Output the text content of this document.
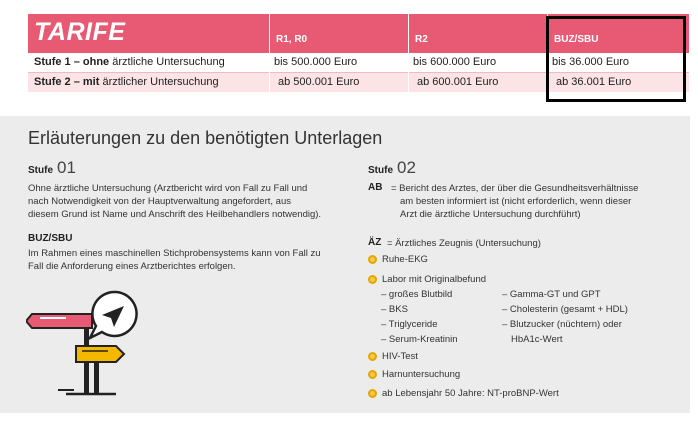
TARIFE	R1, R0	R2	BUZ/SBU
Stufe 1 – ohne ärztliche Untersuchung	bis 500.000 Euro	bis 600.000 Euro	bis 36.000 Euro
Stufe 2 – mit ärztlicher Untersuchung	ab 500.001 Euro	ab 600.001 Euro	ab 36.001 Euro
Erläuterungen zu den benötigten Unterlagen
Stufe 01
Ohne ärztliche Untersuchung (Arztbericht wird von Fall zu Fall und
nach Notwendigkeit von der Hauptverwaltung angefordert, aus
diesem Grund ist Name und Anschrift des Heilbehandlers notwendig).
BUZ/SBU
Im Rahmen eines maschinellen Stichprobensystems kann von Fall zu
Fall die Anforderung eines Arztberichtes erfolgen.
Stufe 02
AB = Bericht des Arztes, der über die Gesundheitsverhältnisse
am besten informiert ist (nicht erforderlich, wenn dieser
Arzt die ärztliche Untersuchung durchführt)
ÄZ = Ärztliches Zeugnis (Untersuchung)
Ruhe-EKG
Labor mit Originalbefund
– großes Blutbild
– BKS
– Triglyceride
– Serum-Kreatinin
– Gamma-GT und GPT
– Cholesterin (gesamt + HDL)
– Blutzucker (nüchtern) oder
HbA1c-Wert
HIV-Test
Harnuntersuchung
ab Lebensjahr 50 Jahre: NT-proBNP-Wert
